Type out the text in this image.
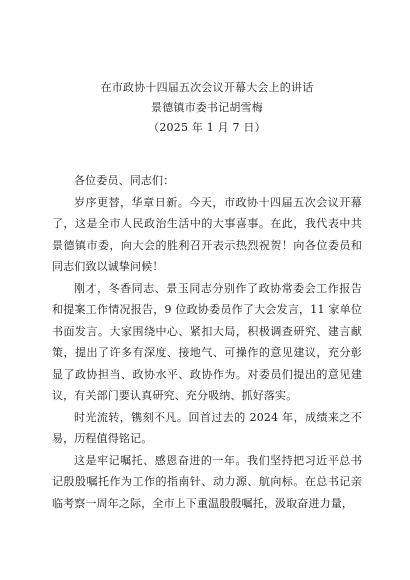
在市政协十四届五次会议开幕大会上的讲话
景德镇市委书记胡雪梅
（2025 年 1 月 7 日）

各位委员、同志们：

岁序更替，华章日新。今天，市政协十四届五次会议开幕了，这是全市人民政治生活中的大事喜事。在此，我代表中共景德镇市委，向大会的胜利召开表示热烈祝贺！向各位委员和同志们致以诚挚问候！

刚才，冬香同志、景玉同志分别作了政协常委会工作报告和提案工作情况报告，9 位政协委员作了大会发言，11 家单位书面发言。大家围绕中心、紧扣大局，积极调查研究、建言献策，提出了许多有深度、接地气、可操作的意见建议，充分彰显了政协担当、政协水平、政协作为。对委员们提出的意见建议，有关部门要认真研究、充分吸纳、抓好落实。

时光流转，镌刻不凡。回首过去的 2024 年，成绩来之不易，历程值得铭记。

这是牢记嘱托、感恩奋进的一年。我们坚持把习近平总书记殷殷嘱托作为工作的指南针、动力源、航向标。在总书记亲临考察一周年之际，全市上下重温殷殷嘱托，汲取奋进力量，
